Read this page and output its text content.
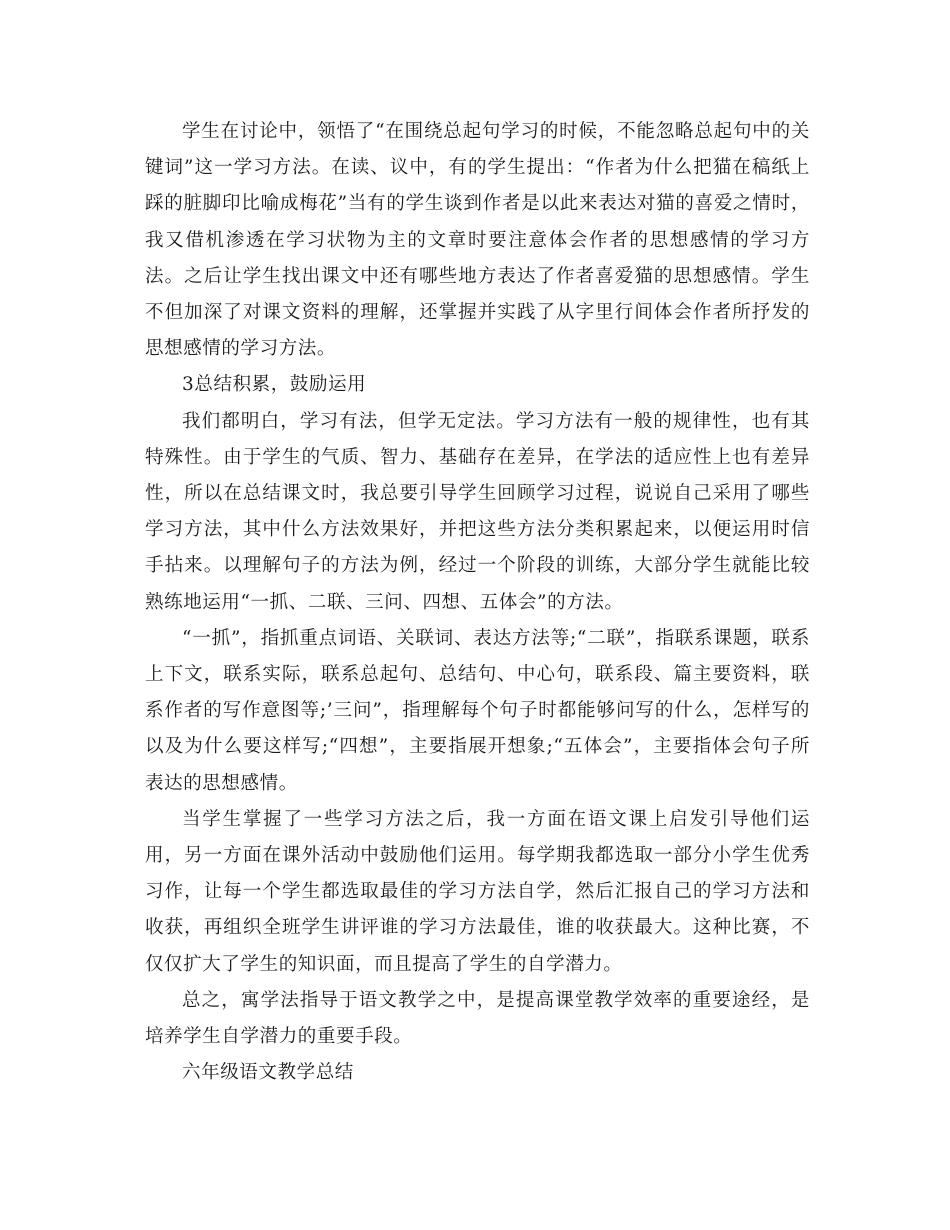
学生在讨论中，领悟了“在围绕总起句学习的时候，不能忽略总起句中的关键词”这一学习方法。在读、议中，有的学生提出：“作者为什么把猫在稿纸上踩的脏脚印比喻成梅花”当有的学生谈到作者是以此来表达对猫的喜爱之情时，我又借机渗透在学习状物为主的文章时要注意体会作者的思想感情的学习方法。之后让学生找出课文中还有哪些地方表达了作者喜爱猫的思想感情。学生不但加深了对课文资料的理解，还掌握并实践了从字里行间体会作者所抒发的思想感情的学习方法。

3总结积累，鼓励运用

我们都明白，学习有法，但学无定法。学习方法有一般的规律性，也有其特殊性。由于学生的气质、智力、基础存在差异，在学法的适应性上也有差异性，所以在总结课文时，我总要引导学生回顾学习过程，说说自己采用了哪些学习方法，其中什么方法效果好，并把这些方法分类积累起来，以便运用时信手拈来。以理解句子的方法为例，经过一个阶段的训练，大部分学生就能比较熟练地运用“一抓、二联、三问、四想、五体会”的方法。

“一抓”，指抓重点词语、关联词、表达方法等;“二联”，指联系课题，联系上下文，联系实际，联系总起句、总结句、中心句，联系段、篇主要资料，联系作者的写作意图等;’三问”，指理解每个句子时都能够问写的什么，怎样写的以及为什么要这样写;“四想”，主要指展开想象;“五体会”，主要指体会句子所表达的思想感情。

当学生掌握了一些学习方法之后，我一方面在语文课上启发引导他们运用，另一方面在课外活动中鼓励他们运用。每学期我都选取一部分小学生优秀习作，让每一个学生都选取最佳的学习方法自学，然后汇报自己的学习方法和收获，再组织全班学生讲评谁的学习方法最佳，谁的收获最大。这种比赛，不仅仅扩大了学生的知识面，而且提高了学生的自学潜力。

总之，寓学法指导于语文教学之中，是提高课堂教学效率的重要途经，是培养学生自学潜力的重要手段。

六年级语文教学总结
